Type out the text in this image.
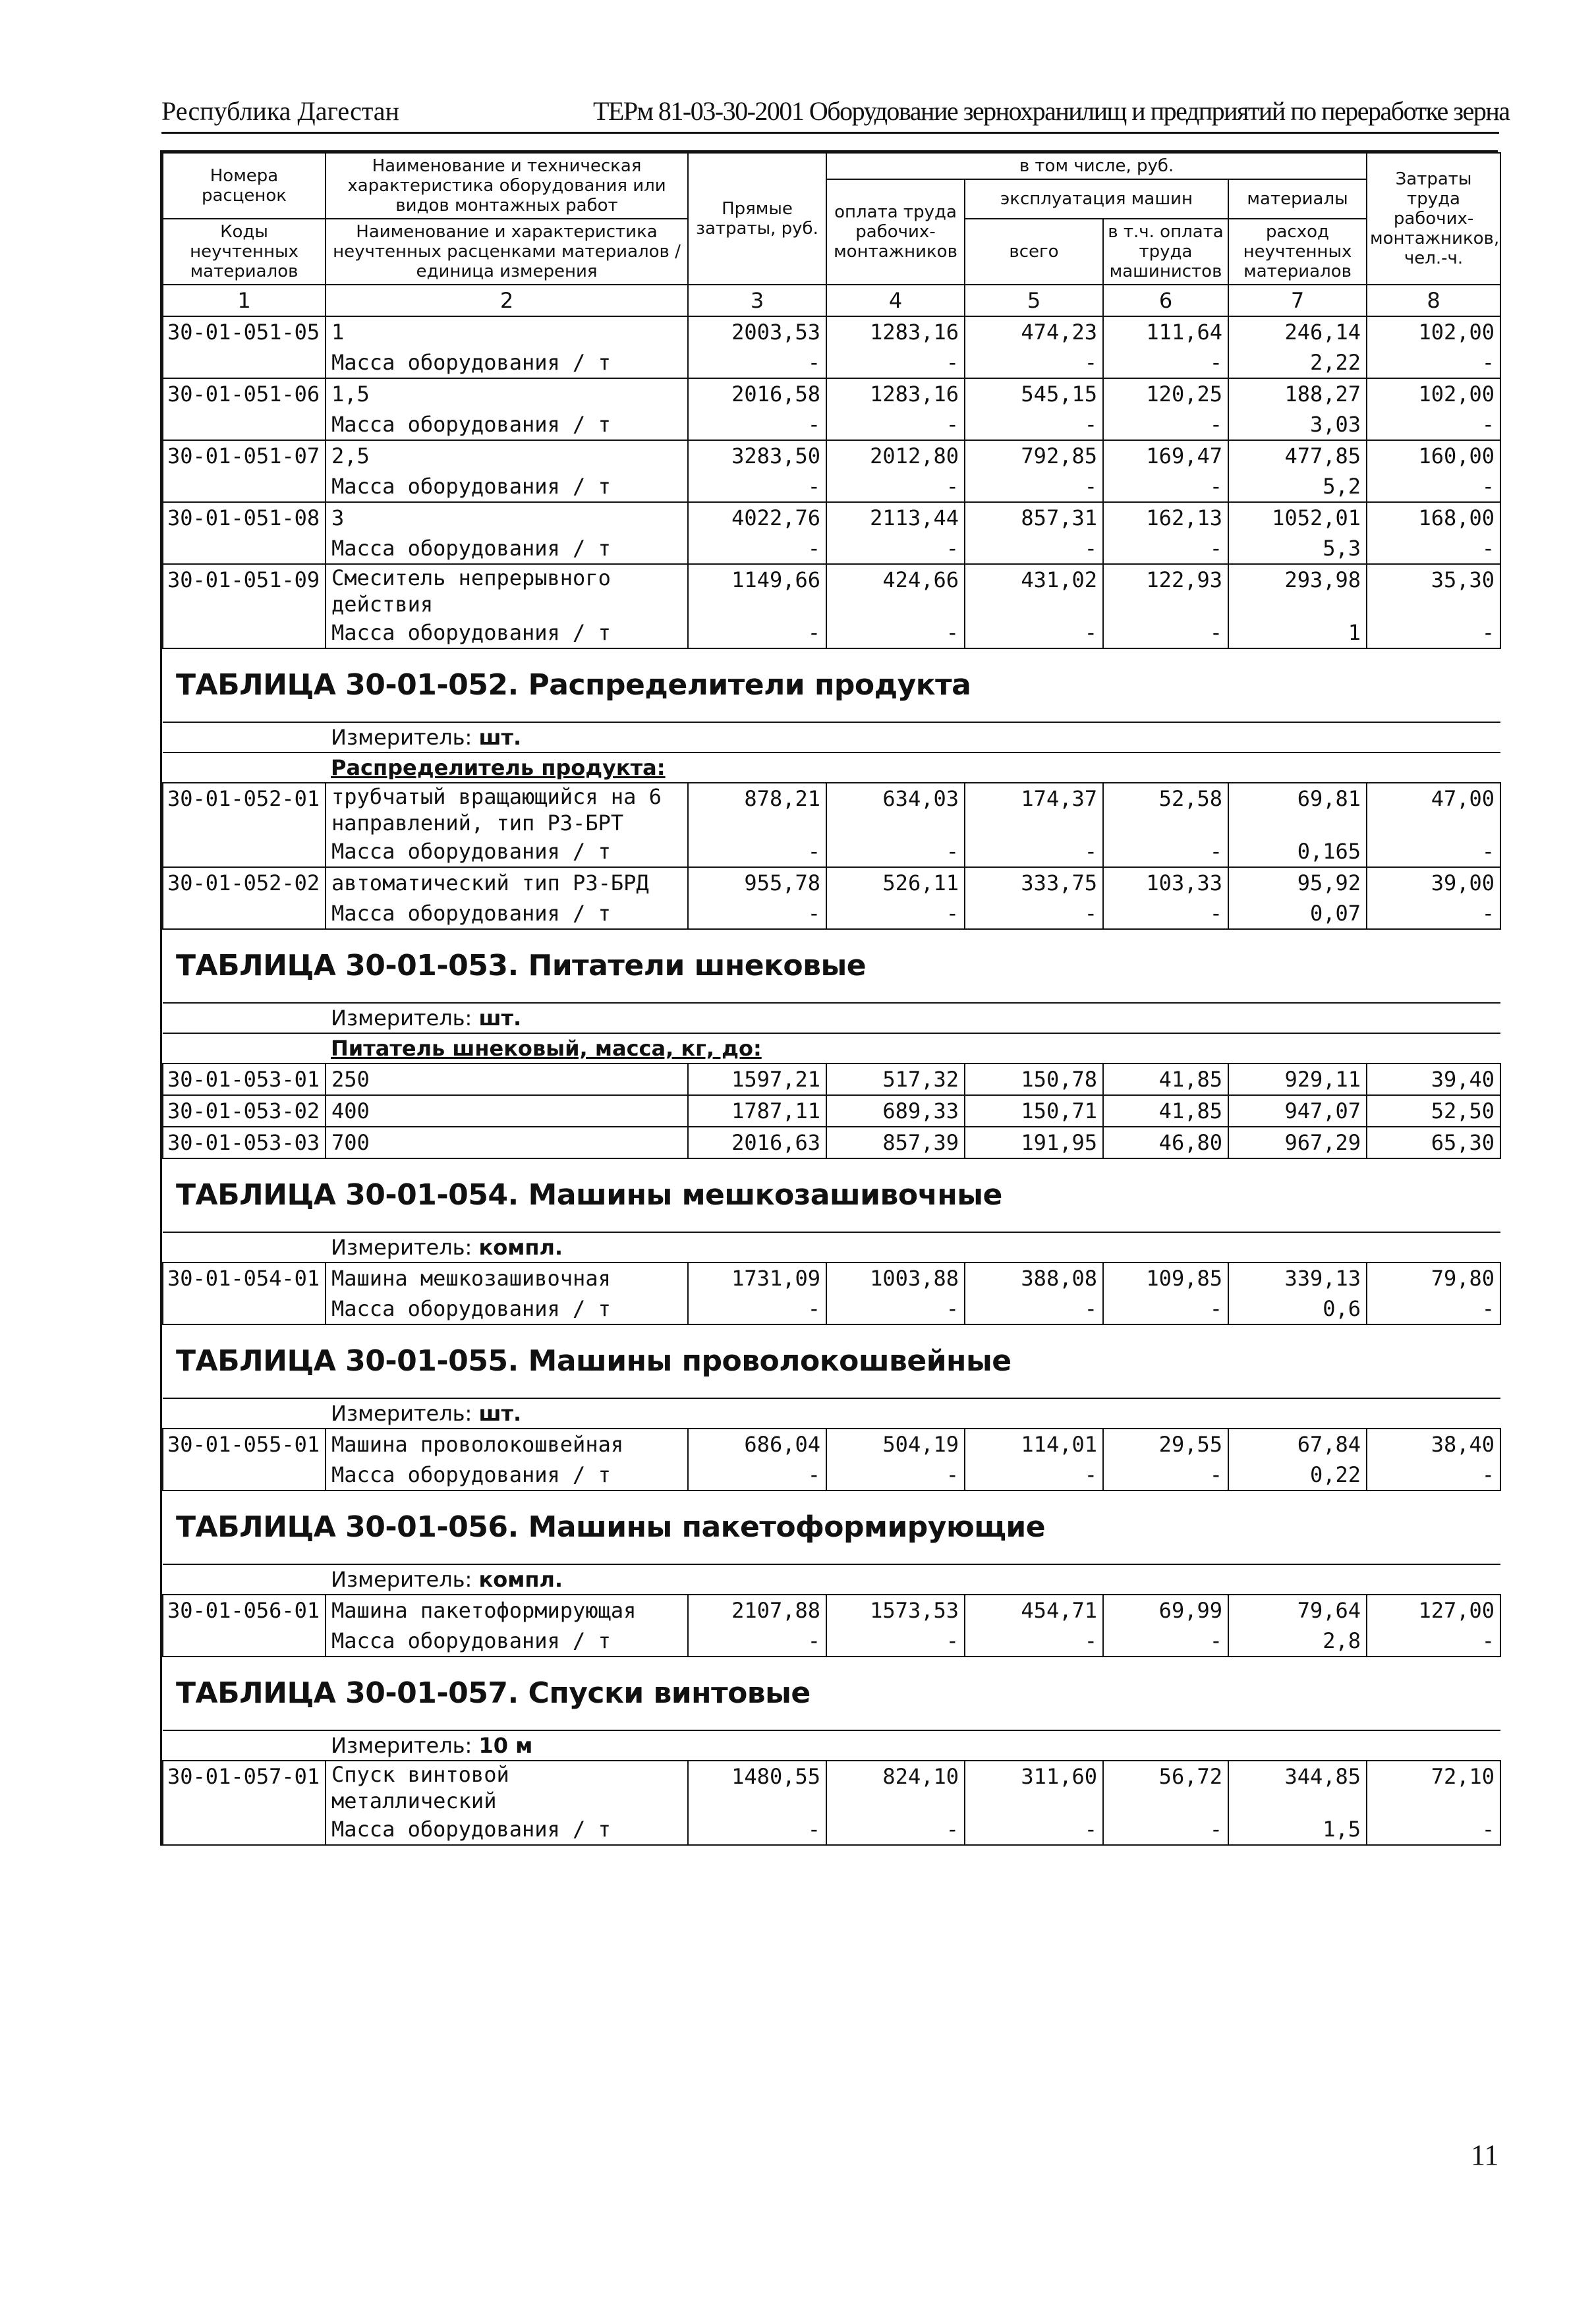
Республика Дагестан	ТЕРм 81-03-30-2001 Оборудование зернохранилищ и предприятий по переработке зерна
Номера расценок	Наименование и техническая характеристика оборудования или видов монтажных работ	Прямые затраты, руб.	в том числе, руб.				Затраты труда рабочих-монтажников, чел.-ч.
			оплата труда рабочих-монтажников	эксплуатация машин		материалы	
Коды неучтенных материалов	Наименование и характеристика неучтенных расценками материалов / единица измерения			всего	в т.ч. оплата труда машинистов	расход неучтенных материалов	

1	2	3	4	5	6	7	8
30-01-051-05	1	2003,53	1283,16	474,23	111,64	246,14	102,00
	Масса оборудования / т	-	-	-	-	2,22	-
30-01-051-06	1,5	2016,58	1283,16	545,15	120,25	188,27	102,00
	Масса оборудования / т	-	-	-	-	3,03	-
30-01-051-07	2,5	3283,50	2012,80	792,85	169,47	477,85	160,00
	Масса оборудования / т	-	-	-	-	5,2	-
30-01-051-08	3	4022,76	2113,44	857,31	162,13	1052,01	168,00
	Масса оборудования / т	-	-	-	-	5,3	-
30-01-051-09	Смеситель непрерывного действия	1149,66	424,66	431,02	122,93	293,98	35,30
	Масса оборудования / т	-	-	-	-	1	-
ТАБЛИЦА 30-01-052. Распределители продукта							
Измеритель: шт.							
Распределитель продукта:							
30-01-052-01	трубчатый вращающийся на 6 направлений, тип РЗ-БРТ	878,21	634,03	174,37	52,58	69,81	47,00
	Масса оборудования / т	-	-	-	-	0,165	-
30-01-052-02	автоматический тип РЗ-БРД	955,78	526,11	333,75	103,33	95,92	39,00
	Масса оборудования / т	-	-	-	-	0,07	-
ТАБЛИЦА 30-01-053. Питатели шнековые							
Измеритель: шт.							
Питатель шнековый, масса, кг, до:							
30-01-053-01	250	1597,21	517,32	150,78	41,85	929,11	39,40
30-01-053-02	400	1787,11	689,33	150,71	41,85	947,07	52,50
30-01-053-03	700	2016,63	857,39	191,95	46,80	967,29	65,30
ТАБЛИЦА 30-01-054. Машины мешкозашивочные							
Измеритель: компл.							
30-01-054-01	Машина мешкозашивочная	1731,09	1003,88	388,08	109,85	339,13	79,80
	Масса оборудования / т	-	-	-	-	0,6	-
ТАБЛИЦА 30-01-055. Машины проволокошвейные							
Измеритель: шт.							
30-01-055-01	Машина проволокошвейная	686,04	504,19	114,01	29,55	67,84	38,40
	Масса оборудования / т	-	-	-	-	0,22	-
ТАБЛИЦА 30-01-056. Машины пакетоформирующие							
Измеритель: компл.							
30-01-056-01	Машина пакетоформирующая	2107,88	1573,53	454,71	69,99	79,64	127,00
	Масса оборудования / т	-	-	-	-	2,8	-
ТАБЛИЦА 30-01-057. Спуски винтовые							
Измеритель: 10 м							
30-01-057-01	Спуск винтовой металлический	1480,55	824,10	311,60	56,72	344,85	72,10
	Масса оборудования / т	-	-	-	-	1,5	-
11
